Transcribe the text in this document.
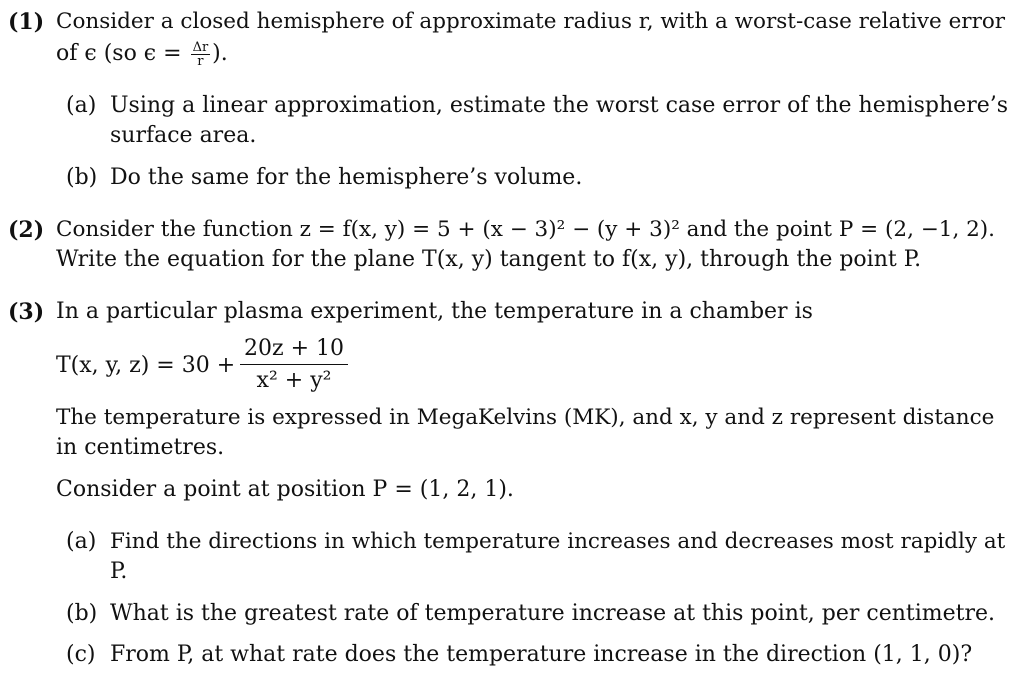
(1) Consider a closed hemisphere of approximate radius r, with a worst-case relative error
of ϵ (so $\epsilon = \frac{\Delta r}{r}$ ).
(a) Using a linear approximation, estimate the worst case error of the hemisphere’s
surface area.
(b) Do the same for the hemisphere’s volume.
(2) Consider the function z = f(x, y) = 5 + (x − 3)² − (y + 3)² and the point P = (2, −1, 2).
Write the equation for the plane T(x, y) tangent to f(x, y), through the point P.
(3) In a particular plasma experiment, the temperature in a chamber is
T(x, y, $z) = 30 + \frac{20z + 10}{\text{x² + y²}}$
The temperature is expressed in MegaKelvins (MK), and x, y and z represent distance
in centimetres.
Consider a point at position P = (1, 2, 1).
(a) Find the directions in which temperature increases and decreases most rapidly at
P.
(b) What is the greatest rate of temperature increase at this point, per centimetre.
(c) From P, at what rate does the temperature increase in the direction (1, 1, 0)?
